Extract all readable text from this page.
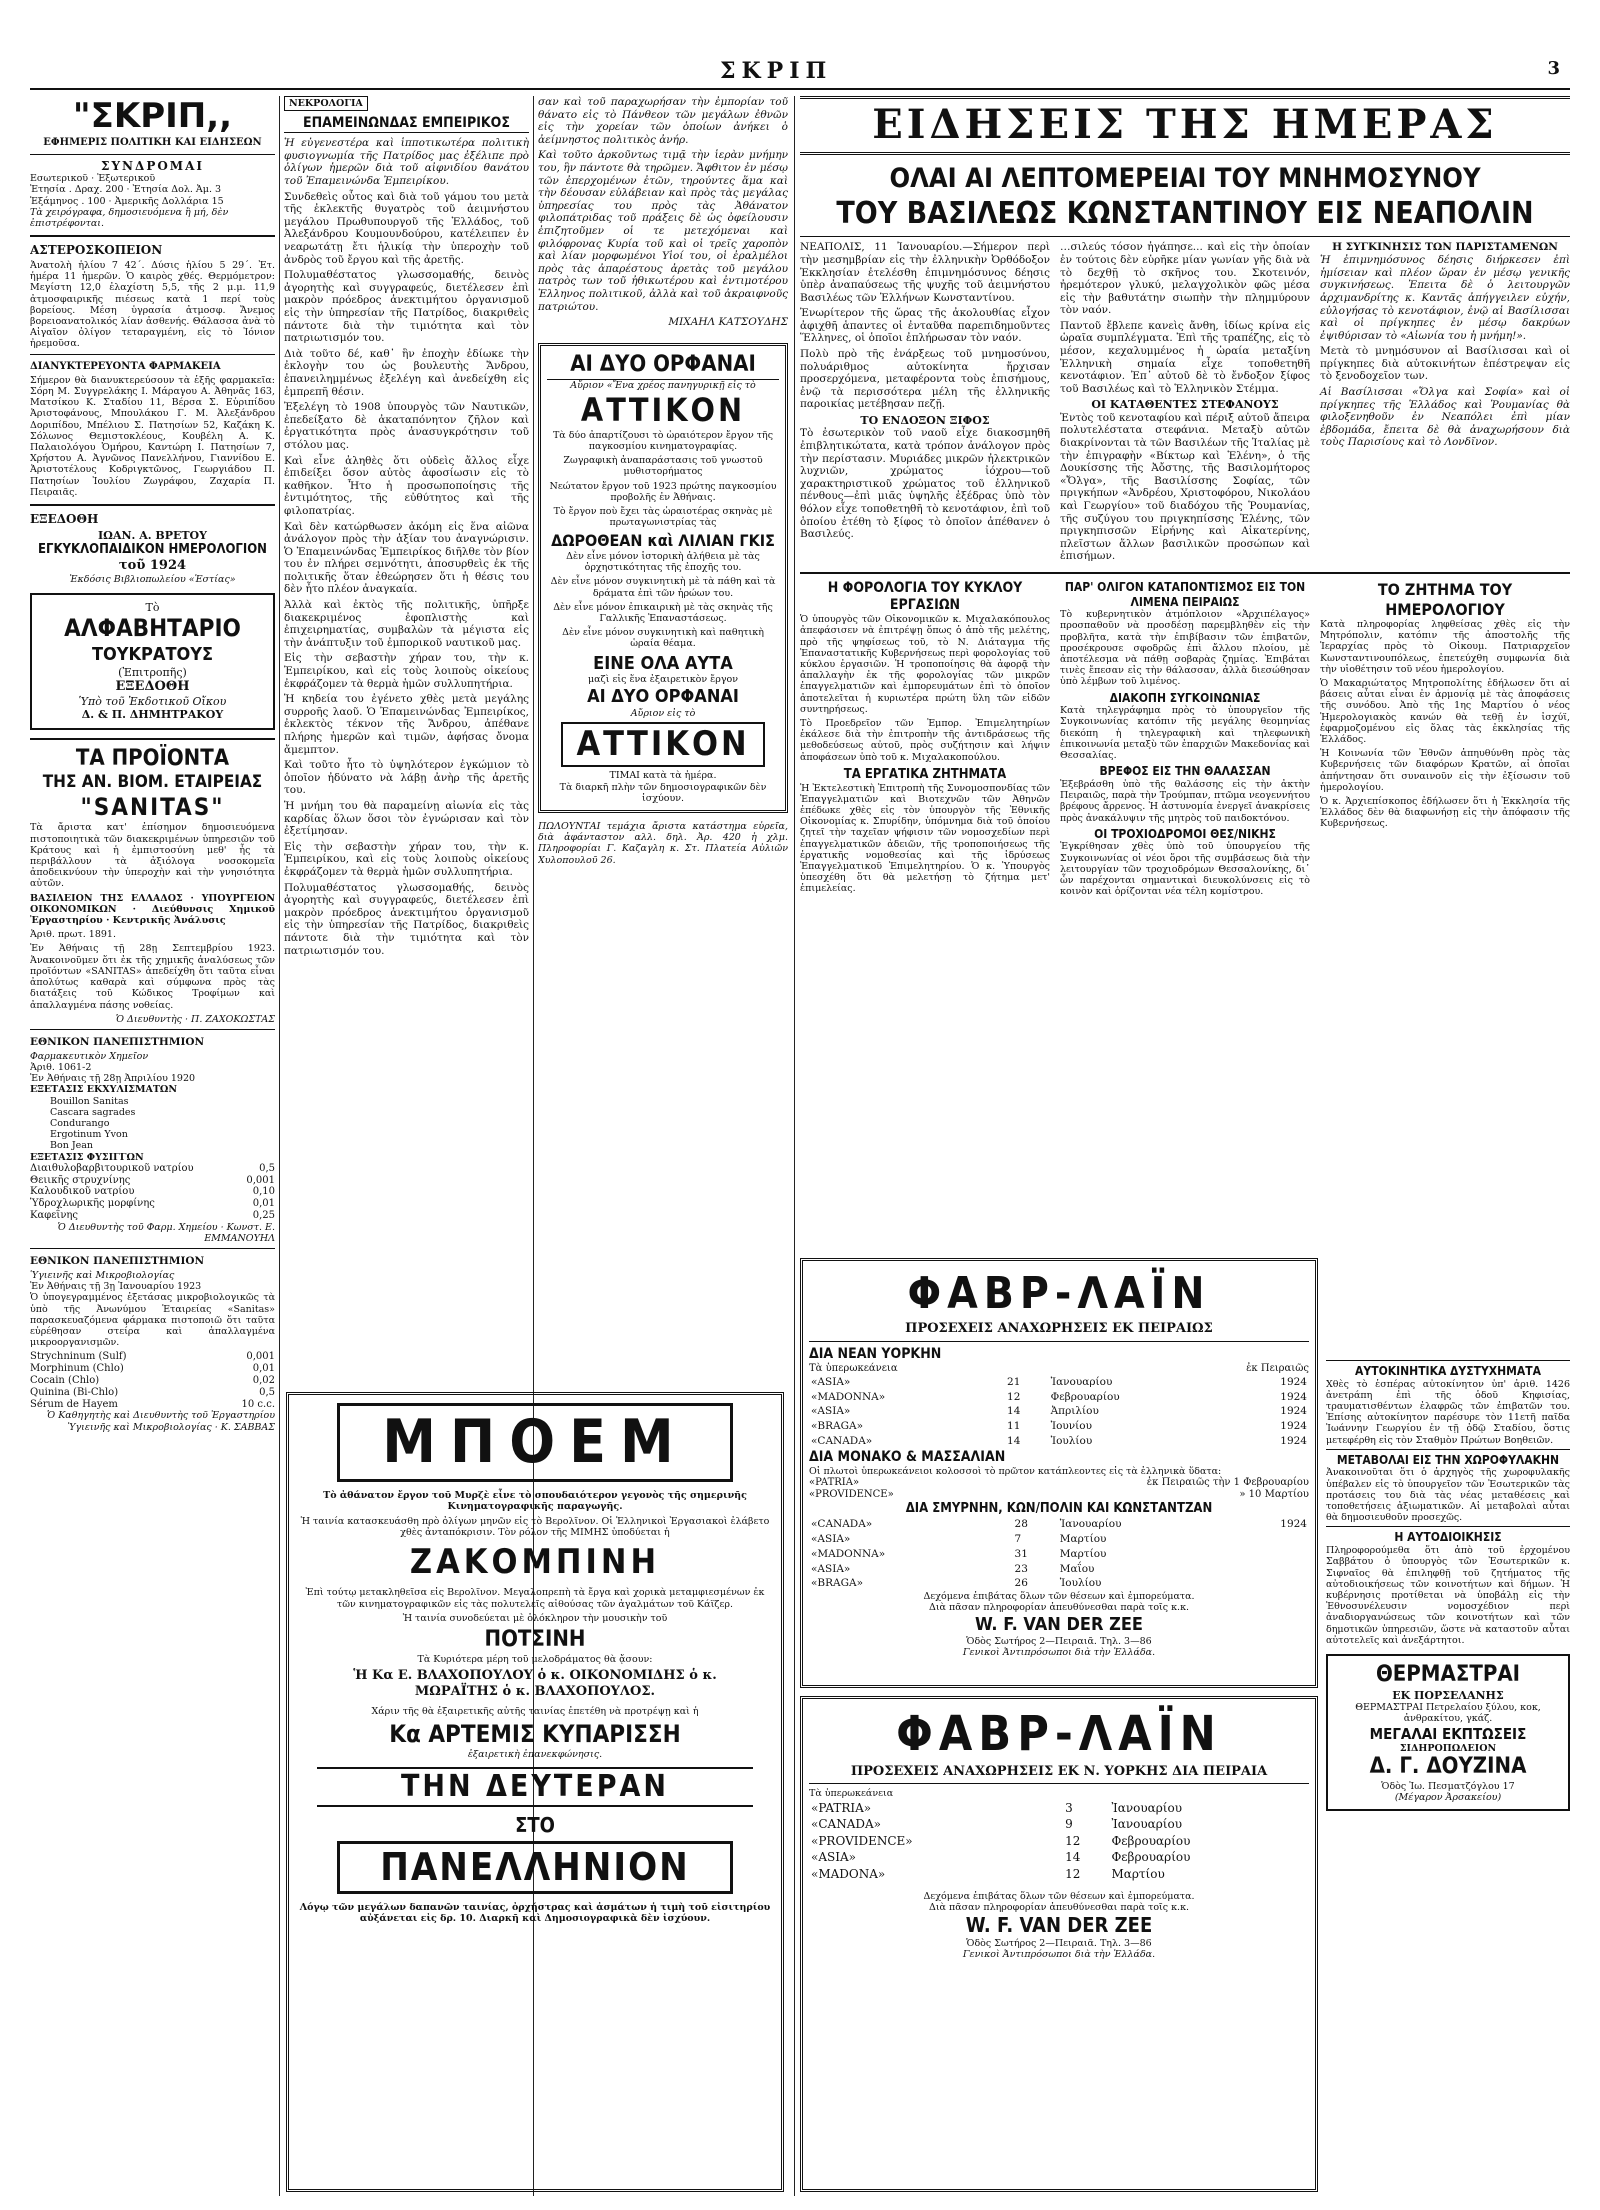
ΣΚΡΙΠ	3
"ΣΚΡΙΠ,,
ΕΦΗΜΕΡΙΣ ΠΟΛΙΤΙΚΗ ΚΑΙ ΕΙΔΗΣΕΩΝ
ΣΥΝΔΡΟΜΑΙ
Εσωτερικοῦ · Ἐξωτερικοῦ
Ἐτησία . Δραχ. 200 · Ἐτησία Δολ. Ἀμ. 3
Ἑξάμηνος . 100 · Ἀμερικῆς Δολλάρια 15
Τὰ χειρόγραφα, δημοσιευόμενα ἢ μή, δὲν ἐπιστρέφονται.
ΑΣΤΕΡΟΣΚΟΠΕΙΟΝ

Ἀνατολὴ ἡλίου 7 42΄. Δύσις ἡλίου 5 29΄. Ἐτ. ἡμέρα 11 ἡμερῶν. Ὁ καιρὸς χθές. Θερμόμετρον: Μεγίστη 12,0 ἐλαχίστη 5,5, τῆς 2 μ.μ. 11,9 ἀτμοσφαιρικῆς πιέσεως κατὰ 1 περί τοὺς βορείους. Μέση ὑγρασία ἀτμοσφ. Ἄνεμος βορειοανατολικός λίαν ἀσθενής. Θάλασσα ἀνὰ τὸ Αἰγαῖον ὀλίγον τεταραγμένη, εἰς τὸ Ἰόνιον ἠρεμοῦσα.

ΔΙΑΝΥΚΤΕΡΕΥΟΝΤΑ ΦΑΡΜΑΚΕΙΑ

Σήμερον θὰ διανυκτερεύσουν τὰ ἑξῆς φαρμακεῖα: Σόρη Μ. Συγγρελάκης Ι. Μάραγου Α. Ἀθηνᾶς 163, Ματσίκου Κ. Σταδίου 11, Βέρσα Σ. Εὐριπίδου Ἀριστοφάνους, Μπουλάκου Γ. Μ. Ἀλεξάνδρου Δοριπίδου, Μπέλιου Σ. Πατησίων 52, Καζάκη Κ. Σόλωνος Θεμιστοκλέους, Κουβέλη Α. Κ. Παλαιολόγου Ὁμήρου, Καντώρη Ι. Πατησίων 7, Χρήστου Α. Ἀγνῶνος Πανελλήνου, Γιαννίδου Ε. Ἀριστοτέλους Κοδριγκτῶνος, Γεωργιάδου Π. Πατησίων Ἰουλίου Ζωγράφου, Ζαχαρία Π. Πειραιᾶς.

ΕΞΕΔΟΘΗ
ΙΩΑΝ. Α. ΒΡΕΤΟΥ
ΕΓΚΥΚΛΟΠΑΙΔΙΚΟΝ ΗΜΕΡΟΛΟΓΙΟΝ
τοῦ 1924
Ἐκδόσις Βιβλιοπωλείου «Ἑστίας»
Τὸ
ΑΛΦΑΒΗΤΑΡΙΟ
ΤΟΥΚΡΑΤΟΥΣ
(Ἐπιτροπῆς)
ΕΞΕΔΟΘΗ
Ὑπὸ τοῦ Ἐκδοτικοῦ Οἴκου
Δ. & Π. ΔΗΜΗΤΡΑΚΟΥ
ΤΑ ΠΡΟΪΟΝΤΑ
ΤΗΣ ΑΝ. ΒΙΟΜ. ΕΤΑΙΡΕΙΑΣ
"SANITAS"

Τὰ ἄριστα κατ' ἐπίσημον δημοσιευόμενα πιστοποιητικὰ τῶν διακεκριμένων ὑπηρεσιῶν τοῦ Κράτους καὶ ἡ ἐμπιστοσύνη μεθ' ἧς τὰ περιβάλλουν τὰ ἀξιόλογα νοσοκομεῖα ἀποδεικνύουν τὴν ὑπεροχὴν καὶ τὴν γνησιότητα αὐτῶν.

ΒΑΣΙΛΕΙΟΝ ΤΗΣ ΕΛΛΑΔΟΣ · ΥΠΟΥΡΓΕΙΟΝ ΟΙΚΟΝΟΜΙΚΩΝ · Διεύθυνσις Χημικοῦ Ἐργαστηρίου · Κεντρικῆς Ἀνάλυσις

Ἀριθ. πρωτ. 1891.

Ἐν Ἀθήναις τῇ 28ῃ Σεπτεμβρίου 1923. Ἀνακοινοῦμεν ὅτι ἐκ τῆς χημικῆς ἀναλύσεως τῶν προϊόντων «SANITAS» ἀπεδείχθη ὅτι ταῦτα εἶναι ἀπολύτως καθαρὰ καὶ σύμφωνα πρὸς τὰς διατάξεις τοῦ Κώδικος Τροφίμων καὶ ἀπαλλαγμένα πάσης νοθείας.

Ὁ Διευθυντὴς · Π. ΖΑΧΟΚΩΣΤΑΣ

ΕΘΝΙΚΟΝ ΠΑΝΕΠΙΣΤΗΜΙΟΝ
Φαρμακευτικὸν Χημεῖον
Ἀριθ. 1061-2
Ἐν Ἀθήναις τῇ 28ῃ Ἀπριλίου 1920
ΕΞΕΤΑΣΙΣ ΕΚΧΥΛΙΣΜΑΤΩΝ
Bouillon Sanitas
Cascara sagrades
Condurango
Ergotinum Yvon
Bon Jean
ΕΞΕΤΑΣΙΣ ΦΥΣΙΓΓΩΝ
Διαιθυλοβαρβιτουρικοῦ νατρίου	0,5
Θειικῆς στρυχνίνης	0,001
Καλουδικοῦ νατρίου	0,10
Ὑδροχλωρικῆς μορφίνης	0,01
Καφεΐνης	0,25

Ὁ Διευθυντὴς τοῦ Φαρμ. Χημείου · Κωνστ. Ε. ΕΜΜΑΝΟΥΗΛ

ΕΘΝΙΚΟΝ ΠΑΝΕΠΙΣΤΗΜΙΟΝ
Ὑγιεινῆς καὶ Μικροβιολογίας
Ἐν Ἀθήναις τῇ 3ῃ Ἰανουαρίου 1923

Ὁ ὑπογεγραμμένος ἐξετάσας μικροβιολογικῶς τὰ ὑπὸ τῆς Ἀνωνύμου Ἑταιρείας «Sanitas» παρασκευαζόμενα φάρμακα πιστοποιῶ ὅτι ταῦτα εὑρέθησαν στείρα καὶ ἀπαλλαγμένα μικροοργανισμῶν.

Strychninum (Sulf)	0,001
Morphinum (Chlo)	0,01
Cocain (Chlo)	0,02
Quinina (Bi-Chlo)	0,5
Sérum de Hayem	10 c.c.

Ὁ Καθηγητὴς καὶ Διευθυντὴς τοῦ Ἐργαστηρίου Ὑγιεινῆς καὶ Μικροβιολογίας · Κ. ΣΑΒΒΑΣ

ΝΕΚΡΟΛΟΓΙΑ
ΕΠΑΜΕΙΝΩΝΔΑΣ ΕΜΠΕΙΡΙΚΟΣ

Ἡ εὐγενεστέρα καὶ ἱπποτικωτέρα πολιτικὴ φυσιογνωμία τῆς Πατρίδος μας ἐξέλιπε πρὸ ὀλίγων ἡμερῶν διὰ τοῦ αἰφνιδίου θανάτου τοῦ Ἐπαμεινώνδα Ἐμπειρίκου.

Συνδεθεὶς οὗτος καὶ διὰ τοῦ γάμου του μετὰ τῆς ἐκλεκτῆς θυγατρὸς τοῦ ἀειμνήστου μεγάλου Πρωθυπουργοῦ τῆς Ἑλλάδος, τοῦ Ἀλεξάνδρου Κουμουνδούρου, κατέλειπεν ἐν νεαρωτάτῃ ἔτι ἡλικίᾳ τὴν ὑπεροχὴν τοῦ ἀνδρὸς τοῦ ἔργου καὶ τῆς ἀρετῆς.

Πολυμαθέστατος γλωσσομαθής, δεινὸς ἀγορητὴς καὶ συγγραφεύς, διετέλεσεν ἐπὶ μακρὸν πρόεδρος ἀνεκτιμήτου ὀργανισμοῦ εἰς τὴν ὑπηρεσίαν τῆς Πατρίδος, διακριθεὶς πάντοτε διὰ τὴν τιμιότητα καὶ τὸν πατριωτισμόν του.

Διὰ τοῦτο δέ, καθ᾽ ἣν ἐποχὴν ἐδίωκε τὴν ἐκλογὴν του ὡς βουλευτὴς Ἄνδρου, ἐπανειλημμένως ἐξελέγη καὶ ἀνεδείχθη εἰς ἐμπρεπῆ θέσιν.

Ἐξελέγη τὸ 1908 ὑπουργὸς τῶν Ναυτικῶν, ἐπεδείξατο δὲ ἀκαταπόνητον ζῆλον καὶ ἐργατικότητα πρὸς ἀνασυγκρότησιν τοῦ στόλου μας.

Καὶ εἶνε ἀληθὲς ὅτι οὐδεὶς ἄλλος εἶχε ἐπιδείξει ὅσον αὐτὸς ἀφοσίωσιν εἰς τὸ καθῆκον. Ἦτο ἡ προσωποποίησις τῆς ἐντιμότητος, τῆς εὐθύτητος καὶ τῆς φιλοπατρίας.

Καὶ δὲν κατώρθωσεν ἀκόμη εἰς ἕνα αἰῶνα ἀνάλογον πρὸς τὴν ἀξίαν του ἀναγνώρισιν. Ὁ Ἐπαμεινώνδας Ἐμπειρίκος διῆλθε τὸν βίον του ἐν πλήρει σεμνότητι, ἀποσυρθεὶς ἐκ τῆς πολιτικῆς ὅταν ἐθεώρησεν ὅτι ἡ θέσις του δὲν ἦτο πλέον ἀναγκαία.

Ἀλλὰ καὶ ἐκτὸς τῆς πολιτικῆς, ὑπῆρξε διακεκριμένος ἐφοπλιστὴς καὶ ἐπιχειρηματίας, συμβαλὼν τὰ μέγιστα εἰς τὴν ἀνάπτυξιν τοῦ ἐμπορικοῦ ναυτικοῦ μας.

Εἰς τὴν σεβαστὴν χήραν του, τὴν κ. Ἐμπειρίκου, καὶ εἰς τοὺς λοιποὺς οἰκείους ἐκφράζομεν τὰ θερμὰ ἡμῶν συλλυπητήρια.

Ἡ κηδεία του ἐγένετο χθὲς μετὰ μεγάλης συρροῆς λαοῦ. Ὁ Ἐπαμεινώνδας Ἐμπειρίκος, ἐκλεκτὸς τέκνον τῆς Ἄνδρου, ἀπέθανε πλήρης ἡμερῶν καὶ τιμῶν, ἀφήσας ὄνομα ἄμεμπτον.

Καὶ τοῦτο ἦτο τὸ ὑψηλότερον ἐγκώμιον τὸ ὁποῖον ἠδύνατο νὰ λάβῃ ἀνὴρ τῆς ἀρετῆς του.

Ἡ μνήμη του θὰ παραμείνῃ αἰωνία εἰς τὰς καρδίας ὅλων ὅσοι τὸν ἐγνώρισαν καὶ τὸν ἐξετίμησαν.

Εἰς τὴν σεβαστὴν χήραν του, τὴν κ. Ἐμπειρίκου, καὶ εἰς τοὺς λοιποὺς οἰκείους ἐκφράζομεν τὰ θερμὰ ἡμῶν συλλυπητήρια.

Πολυμαθέστατος γλωσσομαθής, δεινὸς ἀγορητὴς καὶ συγγραφεύς, διετέλεσεν ἐπὶ μακρὸν πρόεδρος ἀνεκτιμήτου ὀργανισμοῦ εἰς τὴν ὑπηρεσίαν τῆς Πατρίδος, διακριθεὶς πάντοτε διὰ τὴν τιμιότητα καὶ τὸν πατριωτισμόν του.

σαν καὶ τοῦ παραχωρήσαν τὴν ἐμπορίαν τοῦ θάνατο εἰς τὸ Πάνθεον τῶν μεγάλων ἐθνῶν εἰς τὴν χορείαν τῶν ὁποίων ἀνήκει ὁ ἀείμνηστος πολιτικὸς ἀνήρ.

Καὶ τοῦτο ἀρκοῦντως τιμᾷ τὴν ἱερὰν μνήμην του, ἣν πάντοτε θὰ τηρῶμεν. Ἄφθιτον ἐν μέσῳ τῶν ἐπερχομένων ἐτῶν, τηρούντες ἅμα καὶ τὴν δέουσαν εὐλάβειαν καὶ πρὸς τὰς μεγάλας ὑπηρεσίας του πρὸς τὰς Ἀθάνατον φιλοπάτριδας τοῦ πράξεις δὲ ὡς ὀφείλουσιν ἐπιζητοῦμεν οἱ τε μετεχόμεναι καὶ φιλόφρονας Κυρία τοῦ καὶ οἱ τρεῖς χαροπὸν καὶ λίαν μορφωμένοι Υἱοί του, οἱ ἐραλμέλοι πρὸς τὰς ἀπαρέστους ἀρετὰς τοῦ μεγάλου πατρὸς των τοῦ ἠθικωτέρου καὶ ἐντιμοτέρου Ἑλληνος πολιτικοῦ, ἀλλὰ καὶ τοῦ ἀκραιφνοῦς πατριώτου.

ΜΙΧΑΗΛ ΚΑΤΣΟΥΔΗΣ

ΑΙ ΔΥΟ ΟΡΦΑΝΑΙ
Αὔριον «Ἔνα χρέος πανηγυρικῇ εἰς τὸ
ΑΤΤΙΚΟΝ

Τὰ δύο ἀπαρτίζουσι τὸ ὡραιότερον ἔργον τῆς παγκοσμίου κινηματογραφίας.

Ζωγραφικὴ ἀναπαράστασις τοῦ γνωστοῦ μυθιστορήματος

Νεώτατον ἔργον τοῦ 1923 πρώτης παγκοσμίου προβολῆς ἐν Ἀθήναις.

Τὸ ἔργον ποὺ ἔχει τὰς ὡραιοτέρας σκηνὰς μὲ πρωταγωνιστρίας τὰς

ΔΩΡΟΘΕΑΝ καὶ ΛΙΛΙΑΝ ΓΚΙΣ

Δὲν εἶνε μόνον ἱστορικὴ ἀλήθεια μὲ τὰς ὀρχηστικότητας τῆς ἐποχῆς του.

Δὲν εἶνε μόνον συγκινητικὴ μὲ τὰ πάθη καὶ τὰ δράματα ἐπὶ τῶν ἡρώων του.

Δὲν εἶνε μόνον ἐπικαιρικὴ μὲ τὰς σκηνὰς τῆς Γαλλικῆς Ἐπαναστάσεως.

Δὲν εἶνε μόνον συγκινητικὴ καὶ παθητικὴ ὡραία θέαμα.

ΕΙΝΕ ΟΛΑ ΑΥΤΑ
μαζὶ εἰς ἕνα ἐξαιρετικὸν ἔργον
ΑΙ ΔΥΟ ΟΡΦΑΝΑΙ
Αὔριον εἰς τὸ
ΑΤΤΙΚΟΝ
ΤΙΜΑΙ κατὰ τὰ ἡμέρα.
Τὰ διαρκῆ πλὴν τῶν δημοσιογραφικῶν δὲν ἰσχύουν.

ΠΩΛΟΥΝΤΑΙ τεμάχια ἄριστα κατάστημα εὐρεῖα, διὰ ἀφάνταστον αλλ. δηλ. Ἀρ. 420 ἡ χλμ. Πληροφορίαι Γ. Καζαγλη κ. Στ. Πλατεία Αὐλιῶν Χυλοπουλοῦ 26.

ΜΠΟΕΜ

Τὸ ἀθάνατον ἔργον τοῦ Μυρζὲ εἶνε τὸ σπουδαιότερον γεγονὸς τῆς σημερινῆς Κινηματογραφικῆς παραγωγῆς.

Ἡ ταινία κατασκευάσθη πρὸ ὀλίγων μηνῶν εἰς τὸ Βερολῖνον. Οἱ Ἑλληνικοὶ Ἐργασιακοὶ ἐλάβετο χθὲς ἀνταπόκρισιν. Τὸν ρόλον τῆς ΜΙΜΗΣ ὑποδύεται ἡ

ΖΑΚΟΜΠΙΝΗ

Ἐπὶ τούτῳ μετακληθεῖσα εἰς Βερολῖνον. Μεγαλοπρεπὴ τὰ ἔργα καὶ χορικὰ μεταμφιεσμένων ἐκ τῶν κινηματογραφικῶν εἰς τὰς πολυτελεῖς αἰθούσας τῶν ἀγαλμάτων τοῦ Κάϊζερ.

Ἡ ταινία συνοδεύεται μὲ ὁλόκληρον τὴν μουσικὴν τοῦ

ΠΟΤΣΙΝΗ

Τὰ Κυριότερα μέρη τοῦ μελοδράματος θὰ ᾄσουν:

Ἡ Κα Ε. ΒΛΑΧΟΠΟΥΛΟΥ ὁ κ. ΟΙΚΟΝΟΜΙΔΗΣ ὁ κ.
ΜΩΡΑΪΤΗΣ ὁ κ. ΒΛΑΧΟΠΟΥΛΟΣ.

Χάριν τῆς θὰ ἐξαιρετικῆς αὐτῆς ταινίας ἐπετέθη νὰ προτρέψῃ καὶ ἡ

Κα ΑΡΤΕΜΙΣ ΚΥΠΑΡΙΣΣΗ

ἐξαιρετικὴ ἐπανεκφώνησις.

ΤΗΝ ΔΕΥΤΕΡΑΝ
ΣΤΟ
ΠΑΝΕΛΛΗΝΙΟΝ

Λόγῳ τῶν μεγάλων δαπανῶν ταινίας, ὀρχήστρας καὶ ἀσμάτων ἡ τιμὴ τοῦ εἰσιτηρίου αὐξάνεται εἰς δρ. 10. Διαρκῆ καὶ Δημοσιογραφικὰ δὲν ἰσχύουν.

ΕΙΔΗΣΕΙΣ ΤΗΣ ΗΜΕΡΑΣ
ΟΛΑΙ ΑΙ ΛΕΠΤΟΜΕΡΕΙΑΙ ΤΟΥ ΜΝΗΜΟΣΥΝΟΥ
ΤΟΥ ΒΑΣΙΛΕΩΣ ΚΩΝΣΤΑΝΤΙΝΟΥ ΕΙΣ ΝΕΑΠΟΛΙΝ

ΝΕΑΠΟΛΙΣ, 11 Ἰανουαρίου.—Σήμερον περὶ τὴν μεσημβρίαν εἰς τὴν ἐλληνικὴν Ὀρθόδοξον Ἐκκλησίαν ἐτελέσθη ἐπιμνημόσυνος δέησις ὑπὲρ ἀναπαύσεως τῆς ψυχῆς τοῦ ἀειμνήστου Βασιλέως τῶν Ἑλλήνων Κωνσταντίνου.

Ἐνωρίτερον τῆς ὥρας τῆς ἀκολουθίας εἶχον ἀφιχθῆ ἁπαντες οἱ ἐνταῦθα παρεπιδημοῦντες Ἕλληνες, οἱ ὁποῖοι ἐπλήρωσαν τὸν ναόν.

Πολὺ πρὸ τῆς ἐνάρξεως τοῦ μνημοσύνου, πολυάριθμος αὐτοκίνητα ἤρχισαν προσερχόμενα, μεταφέροντα τοὺς ἐπισήμους, ἐνῷ τὰ περισσότερα μέλη τῆς ἑλληνικῆς παροικίας μετέβησαν πεζῇ.

ΤΟ ΕΝΔΟΞΟΝ ΞΙΦΟΣ

Τὸ ἐσωτερικὸν τοῦ ναοῦ εἶχε διακοσμηθῆ ἐπιβλητικώτατα, κατὰ τρόπον ἀνάλογον πρὸς τὴν περίστασιν. Μυριάδες μικρῶν ἠλεκτρικῶν λυχνιῶν, χρώματος ἰόχρου—τοῦ χαρακτηριστικοῦ χρώματος τοῦ ἑλληνικοῦ πένθους—ἐπὶ μιᾶς ὑψηλῆς ἐξέδρας ὑπὸ τὸν θόλον εἶχε τοποθετηθῆ τὸ κενοτάφιον, ἐπὶ τοῦ ὁποίου ἐτέθη τὸ ξίφος τὸ ὁποῖον ἀπέθανεν ὁ Βασιλεύς.

…σιλεύς τόσον ἠγάπησε... καὶ εἰς τὴν ὁποίαν ἐν τούτοις δὲν εὑρῆκε μίαν γωνίαν γῆς διὰ νὰ τὸ δεχθῇ τὸ σκῆνος του. Σκοτεινόν, ἠρεμότερον γλυκύ, μελαγχολικὸν φῶς μέσα εἰς τὴν βαθυτάτην σιωπὴν τὴν πλημμύρουν τὸν ναόν.

Παντοῦ ἔβλεπε κανεὶς ἄνθη, ἰδίως κρίνα εἰς ὡραῖα συμπλέγματα. Ἐπὶ τῆς τραπέζης, εἰς τὸ μέσον, κεχαλυμμένος ἡ ὡραία μεταξίνη Ἑλληνικὴ σημαία εἶχε τοποθετηθῆ κενοτάφιον. Ἐπ᾽ αὐτοῦ δὲ τὸ ἔνδοξον ξίφος τοῦ Βασιλέως καὶ τὸ Ἑλληνικὸν Στέμμα.

ΟΙ ΚΑΤΑΘΕΝΤΕΣ ΣΤΕΦΑΝΟΥΣ

Ἐντὸς τοῦ κενοταφίου καὶ πέριξ αὐτοῦ ἄπειρα πολυτελέστατα στεφάνια. Μεταξὺ αὐτῶν διακρίνονται τὰ τῶν Βασιλέων τῆς Ἰταλίας μὲ τὴν ἐπιγραφὴν «Βίκτωρ καὶ Ἑλένη», ὁ τῆς Δουκίσσης τῆς Ἀὄστης, τῆς Βασιλομήτορος «Ὄλγα», τῆς Βασιλίσσης Σοφίας, τῶν πριγκήπων «Ἀνδρέου, Χριστοφόρου, Νικολάου καὶ Γεωργίου» τοῦ διαδόχου τῆς Ῥουμανίας, τῆς συζύγου του πριγκηπίσσης Ἑλένης, τῶν πριγκηπισσῶν Εἰρήνης καὶ Αἰκατερίνης, πλεῖστων ἄλλων βασιλικῶν προσώπων καὶ ἐπισήμων.

Η ΣΥΓΚΙΝΗΣΙΣ ΤΩΝ ΠΑΡΙΣΤΑΜΕΝΩΝ

Ἡ ἐπιμνημόσυνος δέησις διήρκεσεν ἐπὶ ἡμίσειαν καὶ πλέον ὥραν ἐν μέσῳ γενικῆς συγκινήσεως. Ἐπειτα δὲ ὁ λειτουργῶν ἀρχιμανδρίτης κ. Καντᾶς ἀπήγγειλεν εὐχήν, εὐλογήσας τὸ κενοτάφιον, ἐνῷ αἱ Βασίλισσαι καὶ οἱ πρίγκηπες ἐν μέσῳ δακρύων ἐψιθύρισαν τὸ «Αἰωνία του ἡ μνήμη!».

Μετὰ τὸ μνημόσυνον αἱ Βασίλισσαι καὶ οἱ πρίγκηπες διὰ αὐτοκινήτων ἐπέστρεψαν εἰς τὸ ξενοδοχεῖον των.

Αἱ Βασίλισσαι «Ὄλγα καὶ Σοφία» καὶ οἱ πρίγκηπες τῆς Ἑλλάδος καὶ Ῥουμανίας θὰ φιλοξενηθοῦν ἐν Νεαπόλει ἐπὶ μίαν ἑβδομάδα, ἔπειτα δὲ θὰ ἀναχωρήσουν διὰ τοὺς Παρισίους καὶ τὸ Λονδῖνον.

Η ΦΟΡΟΛΟΓΙΑ ΤΟΥ ΚΥΚΛΟΥ ΕΡΓΑΣΙΩΝ

Ὁ ὑπουργὸς τῶν Οἰκονομικῶν κ. Μιχαλακόπουλος ἀπεφάσισεν νὰ ἐπιτρέψῃ ὅπως ὁ ἀπὸ τῆς μελέτης, πρὸ τῆς ψηφίσεως τοῦ, τὸ Ν. Διάταγμα τῆς Ἐπαναστατικῆς Κυβερνήσεως περὶ φορολογίας τοῦ κύκλου ἐργασιῶν. Ἡ τροποποίησις θὰ ἀφορᾷ τὴν ἀπαλλαγὴν ἐκ τῆς φορολογίας τῶν μικρῶν ἐπαγγελματιῶν καὶ ἐμπορευμάτων ἐπὶ τὸ ὁποῖον ἀποτελεῖται ἡ κυριωτέρα πρώτη ὕλη τῶν εἰδῶν συντηρήσεως.

Τὸ Προεδρεῖον τῶν Ἐμπορ. Ἐπιμελητηρίων ἐκάλεσε διὰ τὴν ἐπιτροπὴν τῆς ἀντιδράσεως τῆς μεθοδεύσεως αὐτοῦ, πρὸς συζήτησιν καὶ λήψιν ἀποφάσεων ὑπὸ τοῦ κ. Μιχαλακοπούλου.

ΤΑ ΕΡΓΑΤΙΚΑ ΖΗΤΗΜΑΤΑ

Ἡ Ἐκτελεστικὴ Ἐπιτροπὴ τῆς Συνομοσπονδίας τῶν Ἐπαγγελματιῶν καὶ Βιοτεχνῶν τῶν Ἀθηνῶν ἐπέδωκε χθὲς εἰς τὸν ὑπουργὸν τῆς Ἐθνικῆς Οἰκονομίας κ. Σπυρίδην, ὑπόμνημα διὰ τοῦ ὁποίου ζητεῖ τὴν ταχεῖαν ψήφισιν τῶν νομοσχεδίων περὶ ἐπαγγελματικῶν ἀδειῶν, τῆς τροποποιήσεως τῆς ἐργατικῆς νομοθεσίας καὶ τῆς ἱδρύσεως Ἐπαγγελματικοῦ Ἐπιμελητηρίου. Ὁ κ. Ὑπουργὸς ὑπεσχέθη ὅτι θὰ μελετήσῃ τὸ ζήτημα μετ' ἐπιμελείας.

ΠΑΡ' ΟΛΙΓΟΝ ΚΑΤΑΠΟΝΤΙΣΜΟΣ ΕΙΣ ΤΟΝ ΛΙΜΕΝΑ ΠΕΙΡΑΙΩΣ

Τὸ κυβερνητικὸν ἀτμόπλοιον «Ἀρχιπέλαγος» προσπαθοῦν νὰ προσδέσῃ παρεμβληθὲν εἰς τὴν προβλῆτα, κατὰ τὴν ἐπιβίβασιν τῶν ἐπιβατῶν, προσέκρουσε σφοδρῶς ἐπὶ ἄλλου πλοίου, μὲ ἀποτέλεσμα νὰ πάθῃ σοβαρὰς ζημίας. Ἐπιβάται τινὲς ἔπεσαν εἰς τὴν θάλασσαν, ἀλλὰ διεσώθησαν ὑπὸ λέμβων τοῦ λιμένος.

ΔΙΑΚΟΠΗ ΣΥΓΚΟΙΝΩΝΙΑΣ

Κατὰ τηλεγράφημα πρὸς τὸ ὑπουργεῖον τῆς Συγκοινωνίας κατόπιν τῆς μεγάλης θεομηνίας διεκόπη ἡ τηλεγραφικὴ καὶ τηλεφωνικὴ ἐπικοινωνία μεταξὺ τῶν ἐπαρχιῶν Μακεδονίας καὶ Θεσσαλίας.

ΒΡΕΦΟΣ ΕΙΣ ΤΗΝ ΘΑΛΑΣΣΑΝ

Ἐξεβράσθη ὑπὸ τῆς θαλάσσης εἰς τὴν ἀκτὴν Πειραιῶς, παρὰ τὴν Τρούμπαν, πτῶμα νεογεννήτου βρέφους ἄρρενος. Ἡ ἀστυνομία ἐνεργεῖ ἀνακρίσεις πρὸς ἀνακάλυψιν τῆς μητρὸς τοῦ παιδοκτόνου.

ΟΙ ΤΡΟΧΙΟΔΡΟΜΟΙ ΘΕΣ/ΝΙΚΗΣ

Ἐγκρίθησαν χθὲς ὑπὸ τοῦ ὑπουργείου τῆς Συγκοινωνίας οἱ νέοι ὅροι τῆς συμβάσεως διὰ τὴν λειτουργίαν τῶν τροχιοδρόμων Θεσσαλονίκης, δι᾽ ὧν παρέχονται σημαντικαὶ διευκολύνσεις εἰς τὸ κοινὸν καὶ ὁρίζονται νέα τέλη κομίστρου.

ΤΟ ΖΗΤΗΜΑ ΤΟΥ ΗΜΕΡΟΛΟΓΙΟΥ

Κατὰ πληροφορίας ληφθείσας χθὲς εἰς τὴν Μητρόπολιν, κατόπιν τῆς ἀποστολῆς τῆς Ἱεραρχίας πρὸς τὸ Οἰκουμ. Πατριαρχεῖον Κωνσταντινουπόλεως, ἐπετεύχθη συμφωνία διὰ τὴν υἱοθέτησιν τοῦ νέου ἡμερολογίου.

Ὁ Μακαριώτατος Μητροπολίτης ἐδήλωσεν ὅτι αἱ βάσεις αὗται εἶναι ἐν ἁρμονίᾳ μὲ τὰς ἀποφάσεις τῆς συνόδου. Ἀπὸ τῆς 1ης Μαρτίου ὁ νέος Ἡμερολογιακὸς κανών θὰ τεθῇ ἐν ἰσχύϊ, ἐφαρμοζομένου εἰς ὅλας τὰς ἐκκλησίας τῆς Ἑλλάδος.

Ἡ Κοινωνία τῶν Ἐθνῶν ἀπηυθύνθη πρὸς τὰς Κυβερνήσεις τῶν διαφόρων Κρατῶν, αἱ ὁποῖαι ἀπήντησαν ὅτι συναινοῦν εἰς τὴν ἐξίσωσιν τοῦ ἡμερολογίου.

Ὁ κ. Ἀρχιεπίσκοπος ἐδήλωσεν ὅτι ἡ Ἐκκλησία τῆς Ἑλλάδος δὲν θὰ διαφωνήσῃ εἰς τὴν ἀπόφασιν τῆς Κυβερνήσεως.

ΦΑΒΡ-ΛΑΪΝ
ΠΡΟΣΕΧΕΙΣ ΑΝΑΧΩΡΗΣΕΙΣ ΕΚ ΠΕΙΡΑΙΩΣ
ΔΙΑ ΝΕΑΝ ΥΟΡΚΗΝ
Τὰ ὑπερωκεάνεια	ἐκ Πειραιῶς
«ASIA»	21	Ἰανουαρίου	1924
«MADONNA»	12	Φεβρουαρίου	1924
«ASIA»	14	Ἀπριλίου	1924
«BRAGA»	11	Ἰουνίου	1924
«CANADA»	14	Ἰουλίου	1924
ΔΙΑ ΜΟΝΑΚΟ & ΜΑΣΣΑΛΙΑΝ
Οἱ πλωτοὶ ὑπερωκεάνειοι κολοσσοὶ τὸ πρῶτον κατάπλεοντες εἰς τὰ ἑλληνικὰ ὕδατα:
«PATRIA»	ἐκ Πειραιῶς τὴν 1 Φεβρουαρίου
«PROVIDENCE»	» 10 Μαρτίου
ΔΙΑ ΣΜΥΡΝΗΝ, ΚΩΝ/ΠΟΛΙΝ ΚΑΙ ΚΩΝΣΤΑΝΤΖΑΝ
«CANADA»	28	Ἰανουαρίου	1924
«ASIA»	7	Μαρτίου	
«MADONNA»	31	Μαρτίου	
«ASIA»	23	Μαΐου	
«BRAGA»	26	Ἰουλίου	
Δεχόμενα ἐπιβάτας ὅλων τῶν θέσεων καὶ ἐμπορεύματα.
Διὰ πᾶσαν πληροφορίαν ἀπευθύνεσθαι παρὰ τοῖς κ.κ.
W. F. VAN DER ZEE
Ὁδὸς Σωτήρος 2—Πειραιᾶ. Τηλ. 3—86
Γενικοὶ Ἀντιπρόσωποι διὰ τὴν Ἑλλάδα.
ΦΑΒΡ-ΛΑΪΝ
ΠΡΟΣΕΧΕΙΣ ΑΝΑΧΩΡΗΣΕΙΣ ΕΚ Ν. ΥΟΡΚΗΣ ΔΙΑ ΠΕΙΡΑΙΑ
Τὰ ὑπερωκεάνεια
«PATRIA»	3	Ἰανουαρίου
«CANADA»	9	Ἰανουαρίου
«PROVIDENCE»	12	Φεβρουαρίου
«ASIA»	14	Φεβρουαρίου
«MADONA»	12	Μαρτίου
Δεχόμενα ἐπιβάτας ὅλων τῶν θέσεων καὶ ἐμπορεύματα.
Διὰ πᾶσαν πληροφορίαν ἀπευθύνεσθαι παρὰ τοῖς κ.κ.
W. F. VAN DER ZEE
Ὁδὸς Σωτήρος 2—Πειραιᾶ. Τηλ. 3—86
Γενικοὶ Ἀντιπρόσωποι διὰ τὴν Ἑλλάδα.
ΑΥΤΟΚΙΝΗΤΙΚΑ ΔΥΣΤΥΧΗΜΑΤΑ

Χθὲς τὸ ἑσπέρας αὐτοκίνητον ὑπ' ἀριθ. 1426 ἀνετράπη ἐπὶ τῆς ὁδοῦ Κηφισίας, τραυματισθέντων ἐλαφρῶς τῶν ἐπιβατῶν του. Ἐπίσης αὐτοκίνητον παρέσυρε τὸν 11ετῆ παῖδα Ἰωάννην Γεωργίου ἐν τῇ ὁδῷ Σταδίου, ὅστις μετεφέρθη εἰς τὸν Σταθμὸν Πρώτων Βοηθειῶν.

ΜΕΤΑΒΟΛΑΙ ΕΙΣ ΤΗΝ ΧΩΡΟΦΥΛΑΚΗΝ

Ἀνακοινοῦται ὅτι ὁ ἀρχηγὸς τῆς χωροφυλακῆς ὑπέβαλεν εἰς τὸ ὑπουργεῖον τῶν Ἐσωτερικῶν τὰς προτάσεις του διὰ τὰς νέας μεταθέσεις καὶ τοποθετήσεις ἀξιωματικῶν. Αἱ μεταβολαὶ αὗται θὰ δημοσιευθοῦν προσεχῶς.

Η ΑΥΤΟΔΙΟΙΚΗΣΙΣ

Πληροφορούμεθα ὅτι ἀπὸ τοῦ ἐρχομένου Σαββάτου ὁ ὑπουργὸς τῶν Ἐσωτερικῶν κ. Σιφναῖος θὰ ἐπιληφθῇ τοῦ ζητήματος τῆς αὐτοδιοικήσεως τῶν κοινοτήτων καὶ δήμων. Ἡ κυβέρνησις προτίθεται νὰ ὑποβάλῃ εἰς τὴν Ἐθνοσυνέλευσιν νομοσχέδιον περὶ ἀναδιοργανώσεως τῶν κοινοτήτων καὶ τῶν δημοτικῶν ὑπηρεσιῶν, ὥστε νὰ καταστοῦν αὗται αὐτοτελεῖς καὶ ἀνεξάρτητοι.

ΘΕΡΜΑΣΤΡΑΙ
ΕΚ ΠΟΡΣΕΛΑΝΗΣ
ΘΕΡΜΑΣΤΡΑΙ Πετρελαίου ξύλου, κοκ, ἀνθρακίτου, γκάζ.
ΜΕΓΑΛΑΙ ΕΚΠΤΩΣΕΙΣ
ΣΙΔΗΡΟΠΩΛΕΙΟΝ
Δ. Γ. ΔΟΥΖΙΝΑ
Ὁδὸς Ἰω. Πεσματζόγλου 17
(Μέγαρον Ἀρσακείου)
